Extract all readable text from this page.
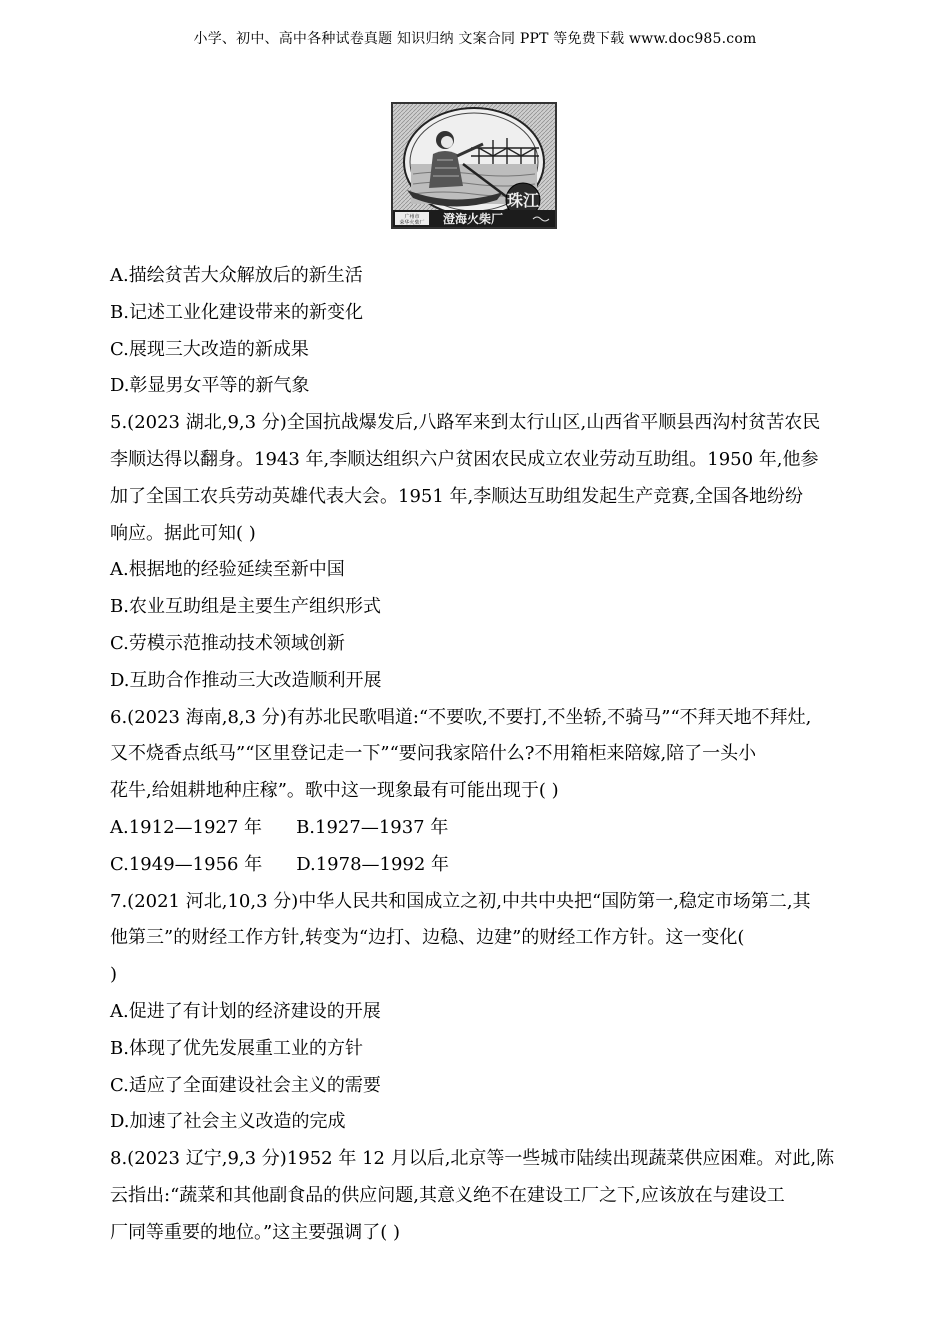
小学、初中、高中各种试卷真题 知识归纳 文案合同 PPT 等免费下载 www.doc985.com
珠江
广州市
荣华火柴厂 澄海火柴厂
A.描绘贫苦大众解放后的新生活
B.记述工业化建设带来的新变化
C.展现三大改造的新成果
D.彰显男女平等的新气象
5.(2023 湖北,9,3 分)全国抗战爆发后,八路军来到太行山区,山西省平顺县西沟村贫苦农民
李顺达得以翻身。1943 年,李顺达组织六户贫困农民成立农业劳动互助组。1950 年,他参
加了全国工农兵劳动英雄代表大会。1951 年,李顺达互助组发起生产竞赛,全国各地纷纷
响应。据此可知( )
A.根据地的经验延续至新中国
B.农业互助组是主要生产组织形式
C.劳模示范推动技术领域创新
D.互助合作推动三大改造顺利开展
6.(2023 海南,8,3 分)有苏北民歌唱道:“不要吹,不要打,不坐轿,不骑马”“不拜天地不拜灶,
又不烧香点纸马”“区里登记走一下”“要问我家陪什么?不用箱柜来陪嫁,陪了一头小
花牛,给姐耕地种庄稼”。歌中这一现象最有可能出现于( )
A.1912—1927 年 B.1927—1937 年
C.1949—1956 年 D.1978—1992 年
7.(2021 河北,10,3 分)中华人民共和国成立之初,中共中央把“国防第一,稳定市场第二,其
他第三”的财经工作方针,转变为“边打、边稳、边建”的财经工作方针。这一变化(
)
A.促进了有计划的经济建设的开展
B.体现了优先发展重工业的方针
C.适应了全面建设社会主义的需要
D.加速了社会主义改造的完成
8.(2023 辽宁,9,3 分)1952 年 12 月以后,北京等一些城市陆续出现蔬菜供应困难。对此,陈
云指出:“蔬菜和其他副食品的供应问题,其意义绝不在建设工厂之下,应该放在与建设工
厂同等重要的地位。”这主要强调了( )
